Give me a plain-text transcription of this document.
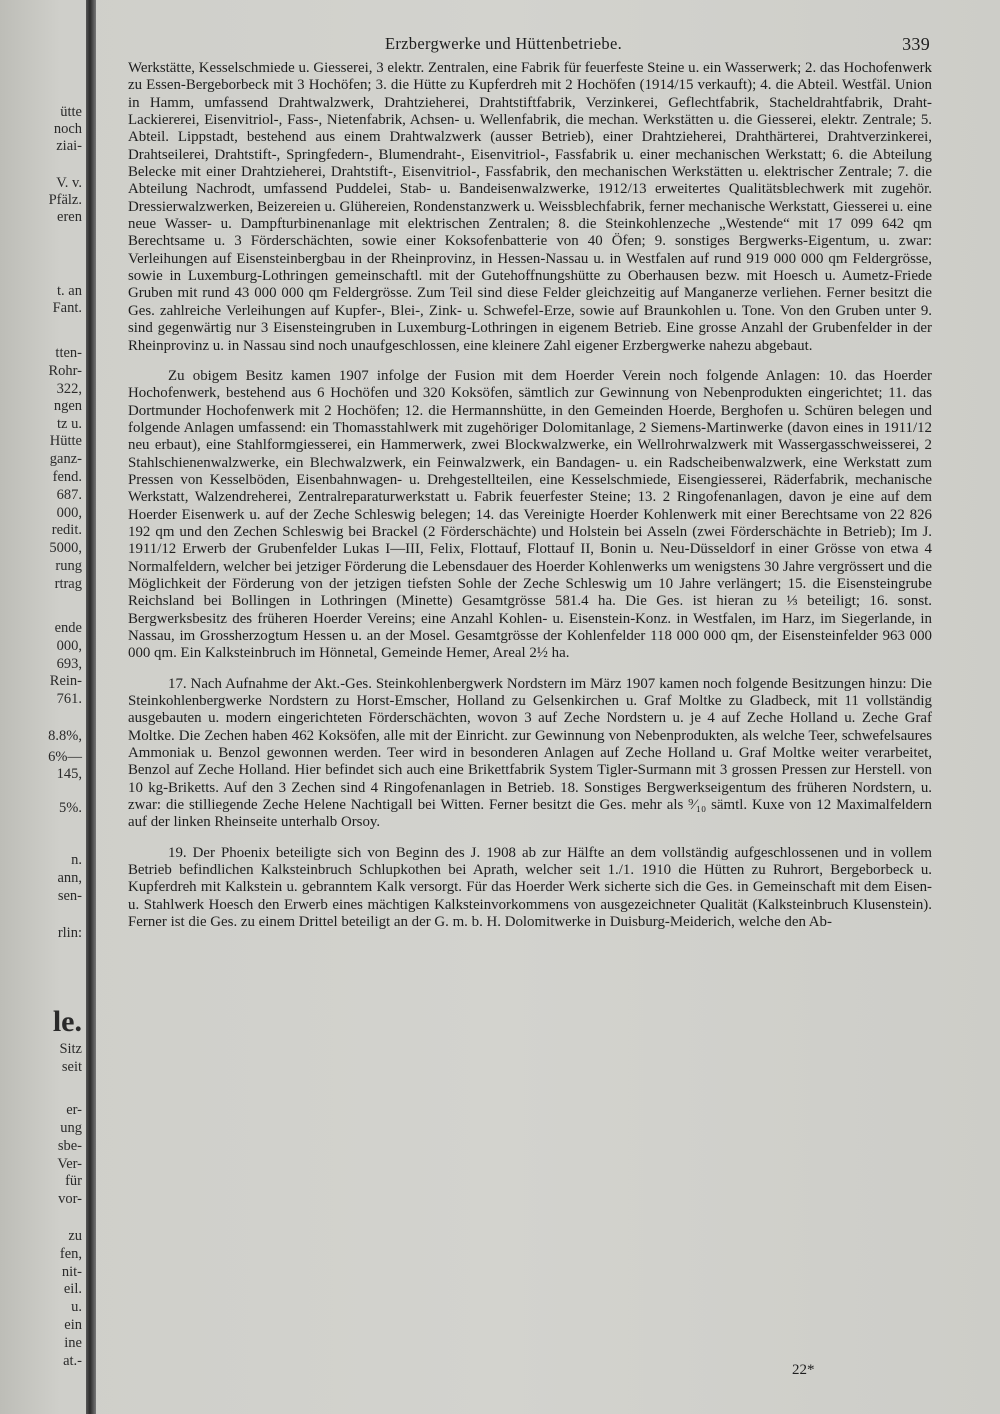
ütte
noch
ziai-
V. v.
Pfälz.
eren
t. an
Fant.
tten-
Rohr-
322,
ngen
tz u.
Hütte
ganz-
fend.
687.
000,
redit.
5000,
rung
rtrag
ende
000,
693,
Rein-
761.
8.8%,
6%—
145,
5%.
n.
ann,
sen-
rlin:
le.
Sitz
seit
er-
ung
sbe-
Ver-
für
vor-
zu
fen,
nit-
eil.
u.
ein
ine
at.-
Erzbergwerke und Hüttenbetriebe.	339

Werkstätte, Kesselschmiede u. Giesserei, 3 elektr. Zentralen, eine Fabrik für feuerfeste Steine u. ein Wasserwerk; 2. das Hochofenwerk zu Essen-Bergeborbeck mit 3 Hochöfen; 3. die Hütte zu Kupferdreh mit 2 Hochöfen (1914/15 verkauft); 4. die Abteil. Westfäl. Union in Hamm, umfassend Drahtwalzwerk, Drahtzieherei, Drahtstiftfabrik, Verzinkerei, Geflechtfabrik, Stacheldrahtfabrik, Draht-Lackiererei, Eisenvitriol-, Fass-, Nietenfabrik, Achsen- u. Wellenfabrik, die mechan. Werkstätten u. die Giesserei, elektr. Zentrale; 5. Abteil. Lippstadt, bestehend aus einem Drahtwalzwerk (ausser Betrieb), einer Drahtzieherei, Drahthärterei, Drahtverzinkerei, Drahtseilerei, Drahtstift-, Springfedern-, Blumendraht-, Eisenvitriol-, Fassfabrik u. einer mechanischen Werkstatt; 6. die Abteilung Belecke mit einer Drahtzieherei, Drahtstift-, Eisenvitriol-, Fassfabrik, den mechanischen Werkstätten u. elektrischer Zentrale; 7. die Abteilung Nachrodt, umfassend Puddelei, Stab- u. Bandeisenwalzwerke, 1912/13 erweitertes Qualitätsblechwerk mit zugehör. Dressierwalzwerken, Beizereien u. Glühereien, Rondenstanzwerk u. Weissblechfabrik, ferner mechanische Werkstatt, Giesserei u. eine neue Wasser- u. Dampfturbinenanlage mit elektrischen Zentralen; 8. die Steinkohlenzeche „Westende“ mit 17 099 642 qm Berechtsame u. 3 Förderschächten, sowie einer Koksofenbatterie von 40 Öfen; 9. sonstiges Bergwerks-Eigentum, u. zwar: Verleihungen auf Eisensteinbergbau in der Rheinprovinz, in Hessen-Nassau u. in Westfalen auf rund 919 000 000 qm Feldergrösse, sowie in Luxemburg-Lothringen gemeinschaftl. mit der Gutehoffnungshütte zu Oberhausen bezw. mit Hoesch u. Aumetz-Friede Gruben mit rund 43 000 000 qm Feldergrösse. Zum Teil sind diese Felder gleichzeitig auf Manganerze verliehen. Ferner besitzt die Ges. zahlreiche Verleihungen auf Kupfer-, Blei-, Zink- u. Schwefel-Erze, sowie auf Braunkohlen u. Tone. Von den Gruben unter 9. sind gegenwärtig nur 3 Eisensteingruben in Luxemburg-Lothringen in eigenem Betrieb. Eine grosse Anzahl der Grubenfelder in der Rheinprovinz u. in Nassau sind noch unaufgeschlossen, eine kleinere Zahl eigener Erzbergwerke nahezu abgebaut.

Zu obigem Besitz kamen 1907 infolge der Fusion mit dem Hoerder Verein noch folgende Anlagen: 10. das Hoerder Hochofenwerk, bestehend aus 6 Hochöfen und 320 Koksöfen, sämtlich zur Gewinnung von Nebenprodukten eingerichtet; 11. das Dortmunder Hochofenwerk mit 2 Hochöfen; 12. die Hermannshütte, in den Gemeinden Hoerde, Berghofen u. Schüren belegen und folgende Anlagen umfassend: ein Thomasstahlwerk mit zugehöriger Dolomitanlage, 2 Siemens-Martinwerke (davon eines in 1911/12 neu erbaut), eine Stahlformgiesserei, ein Hammerwerk, zwei Blockwalzwerke, ein Wellrohrwalzwerk mit Wassergasschweisserei, 2 Stahlschienenwalzwerke, ein Blechwalzwerk, ein Feinwalzwerk, ein Bandagen- u. ein Radscheibenwalzwerk, eine Werkstatt zum Pressen von Kesselböden, Eisenbahnwagen- u. Drehgestellteilen, eine Kesselschmiede, Eisengiesserei, Räderfabrik, mechanische Werkstatt, Walzendreherei, Zentralreparaturwerkstatt u. Fabrik feuerfester Steine; 13. 2 Ringofenanlagen, davon je eine auf dem Hoerder Eisenwerk u. auf der Zeche Schleswig belegen; 14. das Vereinigte Hoerder Kohlenwerk mit einer Berechtsame von 22 826 192 qm und den Zechen Schleswig bei Brackel (2 Förderschächte) und Holstein bei Asseln (zwei Förderschächte in Betrieb); Im J. 1911/12 Erwerb der Grubenfelder Lukas I—III, Felix, Flottauf, Flottauf II, Bonin u. Neu-Düsseldorf in einer Grösse von etwa 4 Normalfeldern, welcher bei jetziger Förderung die Lebensdauer des Hoerder Kohlenwerks um wenigstens 30 Jahre vergrössert und die Möglichkeit der Förderung von der jetzigen tiefsten Sohle der Zeche Schleswig um 10 Jahre verlängert; 15. die Eisensteingrube Reichsland bei Bollingen in Lothringen (Minette) Gesamtgrösse 581.4 ha. Die Ges. ist hieran zu ⅓ beteiligt; 16. sonst. Bergwerksbesitz des früheren Hoerder Vereins; eine Anzahl Kohlen- u. Eisenstein-Konz. in Westfalen, im Harz, im Siegerlande, in Nassau, im Grossherzogtum Hessen u. an der Mosel. Gesamtgrösse der Kohlenfelder 118 000 000 qm, der Eisensteinfelder 963 000 000 qm. Ein Kalksteinbruch im Hönnetal, Gemeinde Hemer, Areal 2½ ha.

17. Nach Aufnahme der Akt.-Ges. Steinkohlenbergwerk Nordstern im März 1907 kamen noch folgende Besitzungen hinzu: Die Steinkohlenbergwerke Nordstern zu Horst-Emscher, Holland zu Gelsenkirchen u. Graf Moltke zu Gladbeck, mit 11 vollständig ausgebauten u. modern eingerichteten Förderschächten, wovon 3 auf Zeche Nordstern u. je 4 auf Zeche Holland u. Zeche Graf Moltke. Die Zechen haben 462 Koksöfen, alle mit der Einricht. zur Gewinnung von Nebenprodukten, als welche Teer, schwefelsaures Ammoniak u. Benzol gewonnen werden. Teer wird in besonderen Anlagen auf Zeche Holland u. Graf Moltke weiter verarbeitet, Benzol auf Zeche Holland. Hier befindet sich auch eine Brikettfabrik System Tigler-Surmann mit 3 grossen Pressen zur Herstell. von 10 kg-Briketts. Auf den 3 Zechen sind 4 Ringofenanlagen in Betrieb. 18. Sonstiges Bergwerkseigentum des früheren Nordstern, u. zwar: die stilliegende Zeche Helene Nachtigall bei Witten. Ferner besitzt die Ges. mehr als ⁹⁄₁₀ sämtl. Kuxe von 12 Maximalfeldern auf der linken Rheinseite unterhalb Orsoy.

19. Der Phoenix beteiligte sich von Beginn des J. 1908 ab zur Hälfte an dem vollständig aufgeschlossenen und in vollem Betrieb befindlichen Kalksteinbruch Schlupkothen bei Aprath, welcher seit 1./1. 1910 die Hütten zu Ruhrort, Bergeborbeck u. Kupferdreh mit Kalkstein u. gebranntem Kalk versorgt. Für das Hoerder Werk sicherte sich die Ges. in Gemeinschaft mit dem Eisen- u. Stahlwerk Hoesch den Erwerb eines mächtigen Kalksteinvorkommens von ausgezeichneter Qualität (Kalksteinbruch Klusenstein). Ferner ist die Ges. zu einem Drittel beteiligt an der G. m. b. H. Dolomitwerke in Duisburg-Meiderich, welche den Ab-

22*
